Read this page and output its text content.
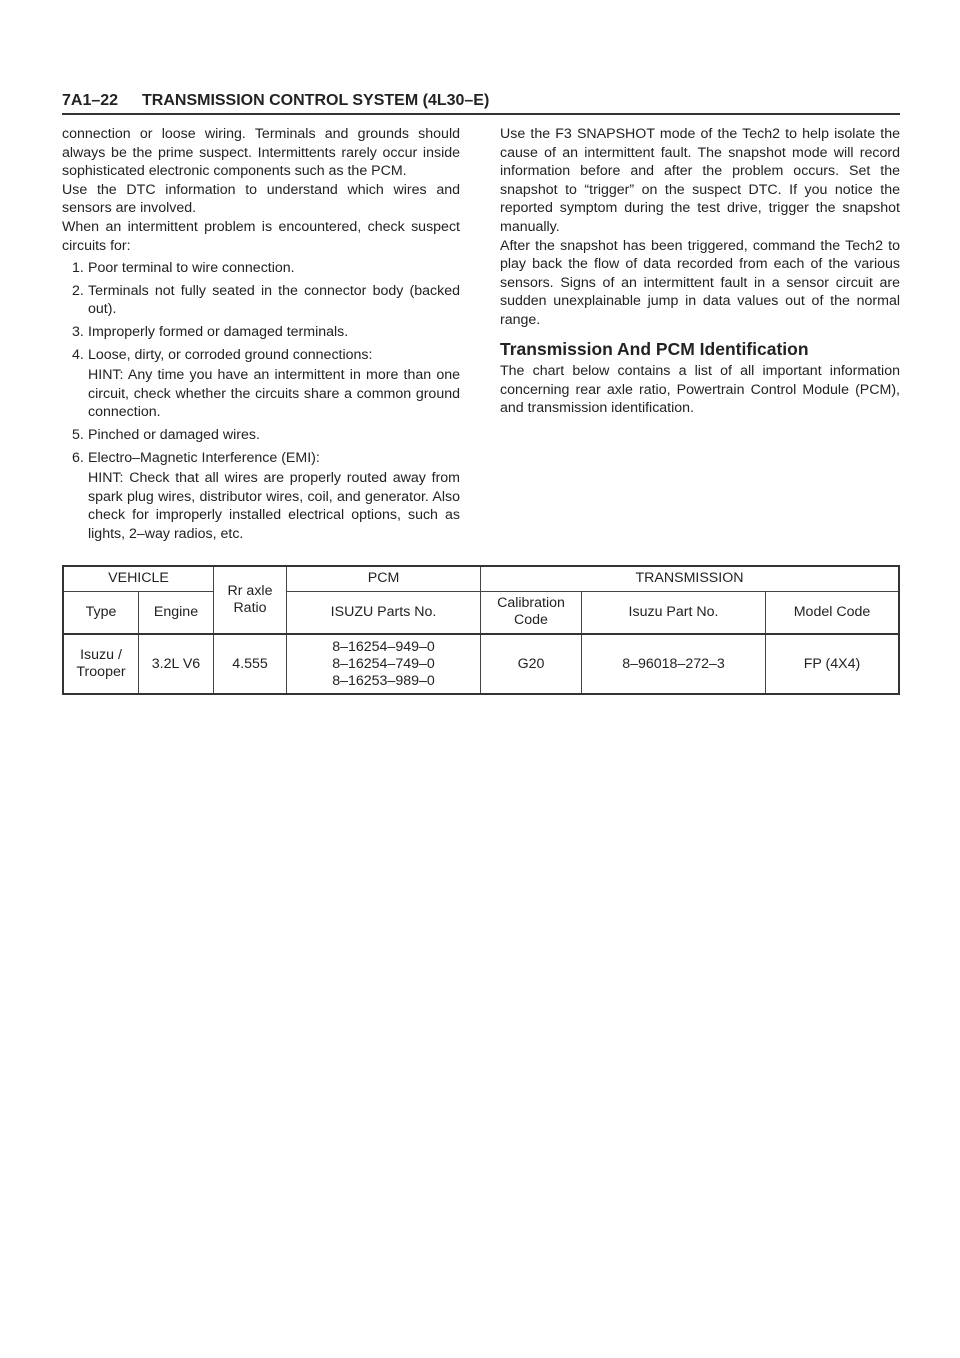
7A1–22 TRANSMISSION CONTROL SYSTEM (4L30–E)

connection or loose wiring. Terminals and grounds should always be the prime suspect. Intermittents rarely occur inside sophisticated electronic components such as the PCM.

Use the DTC information to understand which wires and sensors are involved.

When an intermittent problem is encountered, check suspect circuits for:

1. Poor terminal to wire connection.

2. Terminals not fully seated in the connector body (backed out).

3. Improperly formed or damaged terminals.

4. Loose, dirty, or corroded ground connections:

HINT: Any time you have an intermittent in more than one circuit, check whether the circuits share a common ground connection.

5. Pinched or damaged wires.

6. Electro–Magnetic Interference (EMI):

HINT: Check that all wires are properly routed away from spark plug wires, distributor wires, coil, and generator. Also check for improperly installed electrical options, such as lights, 2–way radios, etc.

Use the F3 SNAPSHOT mode of the Tech2 to help isolate the cause of an intermittent fault. The snapshot mode will record information before and after the problem occurs. Set the snapshot to “trigger” on the suspect DTC. If you notice the reported symptom during the test drive, trigger the snapshot manually.

After the snapshot has been triggered, command the Tech2 to play back the flow of data recorded from each of the various sensors. Signs of an intermittent fault in a sensor circuit are sudden unexplainable jump in data values out of the normal range.

Transmission And PCM Identification

The chart below contains a list of all important information concerning rear axle ratio, Powertrain Control Module (PCM), and transmission identification.

VEHICLE		Rr axle Ratio	PCM	TRANSMISSION		
Type	Engine		ISUZU Parts No.	Calibration Code	Isuzu Part No.	Model Code
Isuzu / Trooper	3.2L V6	4.555	8–16254–949–0
8–16254–749–0
8–16253–989–0	G20	8–96018–272–3	FP (4X4)
